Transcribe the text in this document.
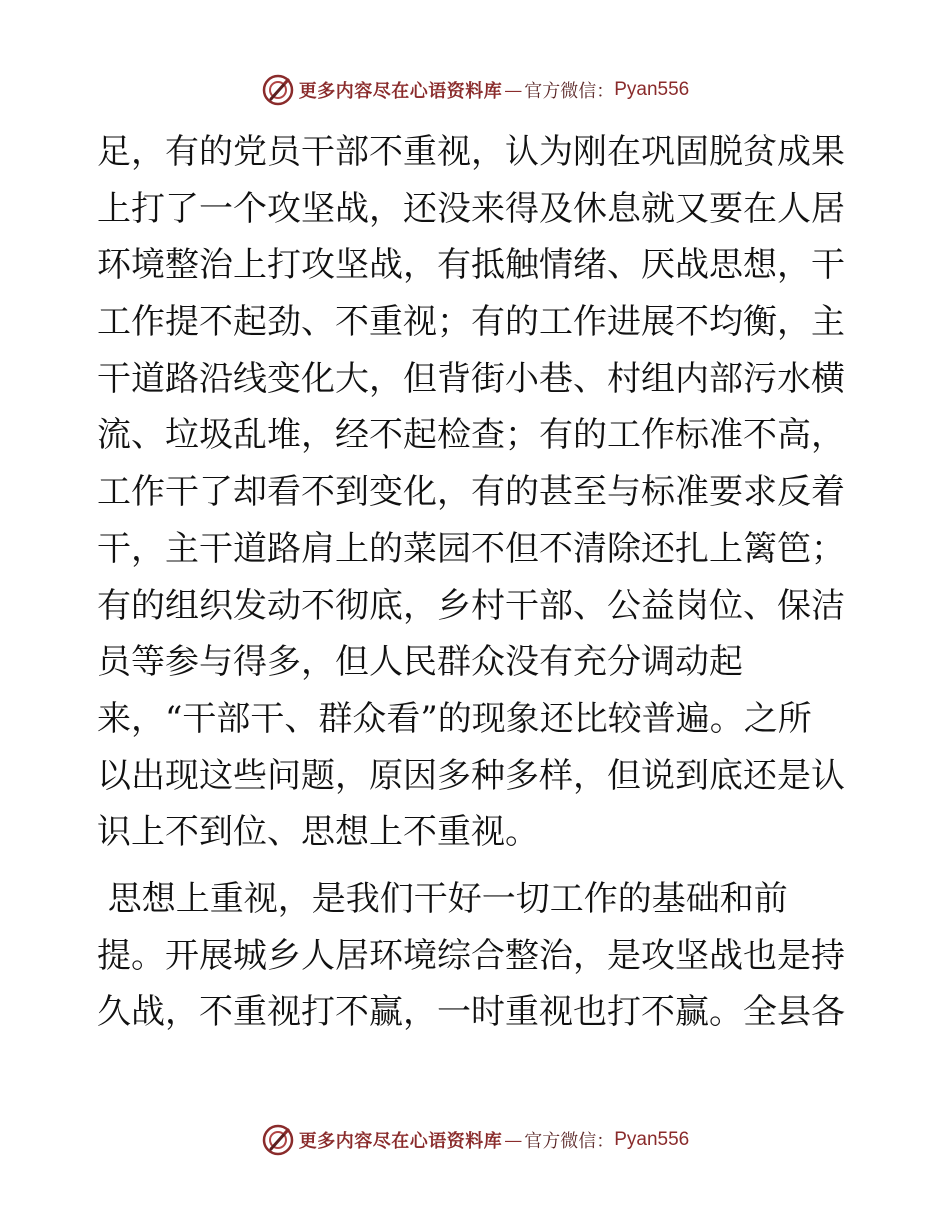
更多内容尽在心语资料库 — 官方微信： Pyan556

足，有的党员干部不重视，认为刚在巩固脱贫成果
上打了一个攻坚战，还没来得及休息就又要在人居
环境整治上打攻坚战，有抵触情绪、厌战思想，干
工作提不起劲、不重视；有的工作进展不均衡，主
干道路沿线变化大，但背街小巷、村组内部污水横
流、垃圾乱堆，经不起检查；有的工作标准不高，
工作干了却看不到变化，有的甚至与标准要求反着
干，主干道路肩上的菜园不但不清除还扎上篱笆；
有的组织发动不彻底，乡村干部、公益岗位、保洁
员等参与得多，但人民群众没有充分调动起
来，“干部干、群众看”的现象还比较普遍。之所
以出现这些问题，原因多种多样，但说到底还是认
识上不到位、思想上不重视。

思想上重视，是我们干好一切工作的基础和前
提。开展城乡人居环境综合整治，是攻坚战也是持
久战，不重视打不赢，一时重视也打不赢。全县各

更多内容尽在心语资料库 — 官方微信： Pyan556
